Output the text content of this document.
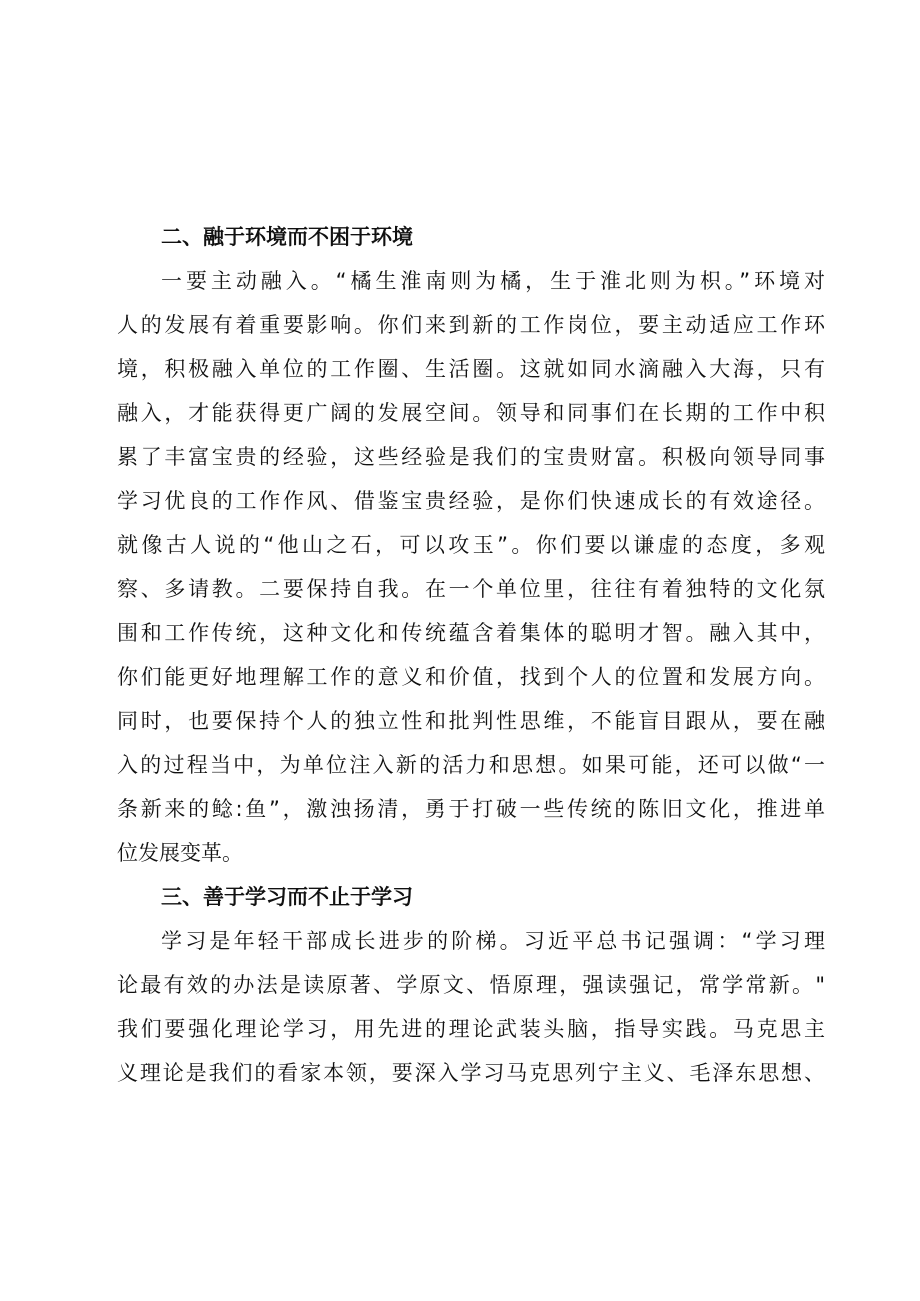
二、融于环境而不困于环境

一要主动融入。“橘生淮南则为橘，生于淮北则为枳。”环境对
人的发展有着重要影响。你们来到新的工作岗位，要主动适应工作环
境，积极融入单位的工作圈、生活圈。这就如同水滴融入大海，只有
融入，才能获得更广阔的发展空间。领导和同事们在长期的工作中积
累了丰富宝贵的经验，这些经验是我们的宝贵财富。积极向领导同事
学习优良的工作作风、借鉴宝贵经验，是你们快速成长的有效途径。
就像古人说的“他山之石，可以攻玉”。你们要以谦虚的态度，多观
察、多请教。二要保持自我。在一个单位里，往往有着独特的文化氛
围和工作传统，这种文化和传统蕴含着集体的聪明才智。融入其中，
你们能更好地理解工作的意义和价值，找到个人的位置和发展方向。
同时，也要保持个人的独立性和批判性思维，不能盲目跟从，要在融
入的过程当中，为单位注入新的活力和思想。如果可能，还可以做“一
条新来的鲶:鱼”，激浊扬清，勇于打破一些传统的陈旧文化，推进单
位发展变革。

三、善于学习而不止于学习

学习是年轻干部成长进步的阶梯。习近平总书记强调：“学习理
论最有效的办法是读原著、学原文、悟原理，强读强记，常学常新。"
我们要强化理论学习，用先进的理论武装头脑，指导实践。马克思主
义理论是我们的看家本领，要深入学习马克思列宁主义、毛泽东思想、
